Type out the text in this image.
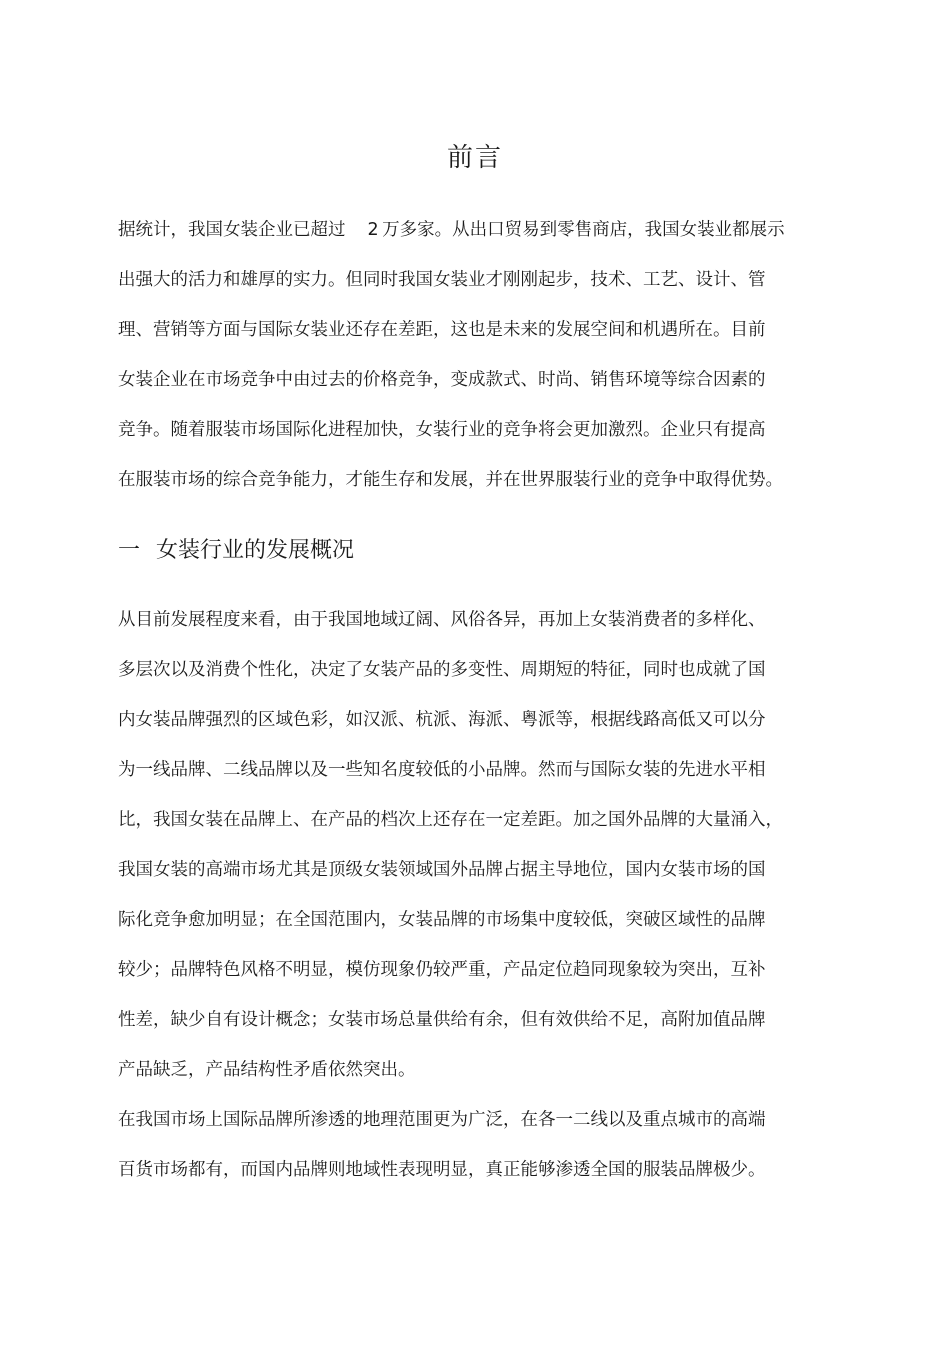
前言

据统计，我国女装企业已超过 2  万多家。从出口贸易到零售商店，我国女装业都展示

出强大的活力和雄厚的实力。但同时我国女装业才刚刚起步，技术、工艺、设计、管

理、营销等方面与国际女装业还存在差距，这也是未来的发展空间和机遇所在。目前

女装企业在市场竞争中由过去的价格竞争，变成款式、时尚、销售环境等综合因素的

竞争。随着服装市场国际化进程加快，女装行业的竞争将会更加激烈。企业只有提高

在服装市场的综合竞争能力，才能生存和发展，并在世界服装行业的竞争中取得优势。

一 女装行业的发展概况

从目前发展程度来看，由于我国地域辽阔、风俗各异，再加上女装消费者的多样化、

多层次以及消费个性化，决定了女装产品的多变性、周期短的特征，同时也成就了国

内女装品牌强烈的区域色彩，如汉派、杭派、海派、粤派等，根据线路高低又可以分

为一线品牌、二线品牌以及一些知名度较低的小品牌。然而与国际女装的先进水平相

比，我国女装在品牌上、在产品的档次上还存在一定差距。加之国外品牌的大量涌入，

我国女装的高端市场尤其是顶级女装领域国外品牌占据主导地位，国内女装市场的国

际化竞争愈加明显；在全国范围内，女装品牌的市场集中度较低，突破区域性的品牌

较少；品牌特色风格不明显，模仿现象仍较严重，产品定位趋同现象较为突出，互补

性差，缺少自有设计概念；女装市场总量供给有余，但有效供给不足，高附加值品牌

产品缺乏，产品结构性矛盾依然突出。

在我国市场上国际品牌所渗透的地理范围更为广泛，在各一二线以及重点城市的高端

百货市场都有，而国内品牌则地域性表现明显，真正能够渗透全国的服装品牌极少。
